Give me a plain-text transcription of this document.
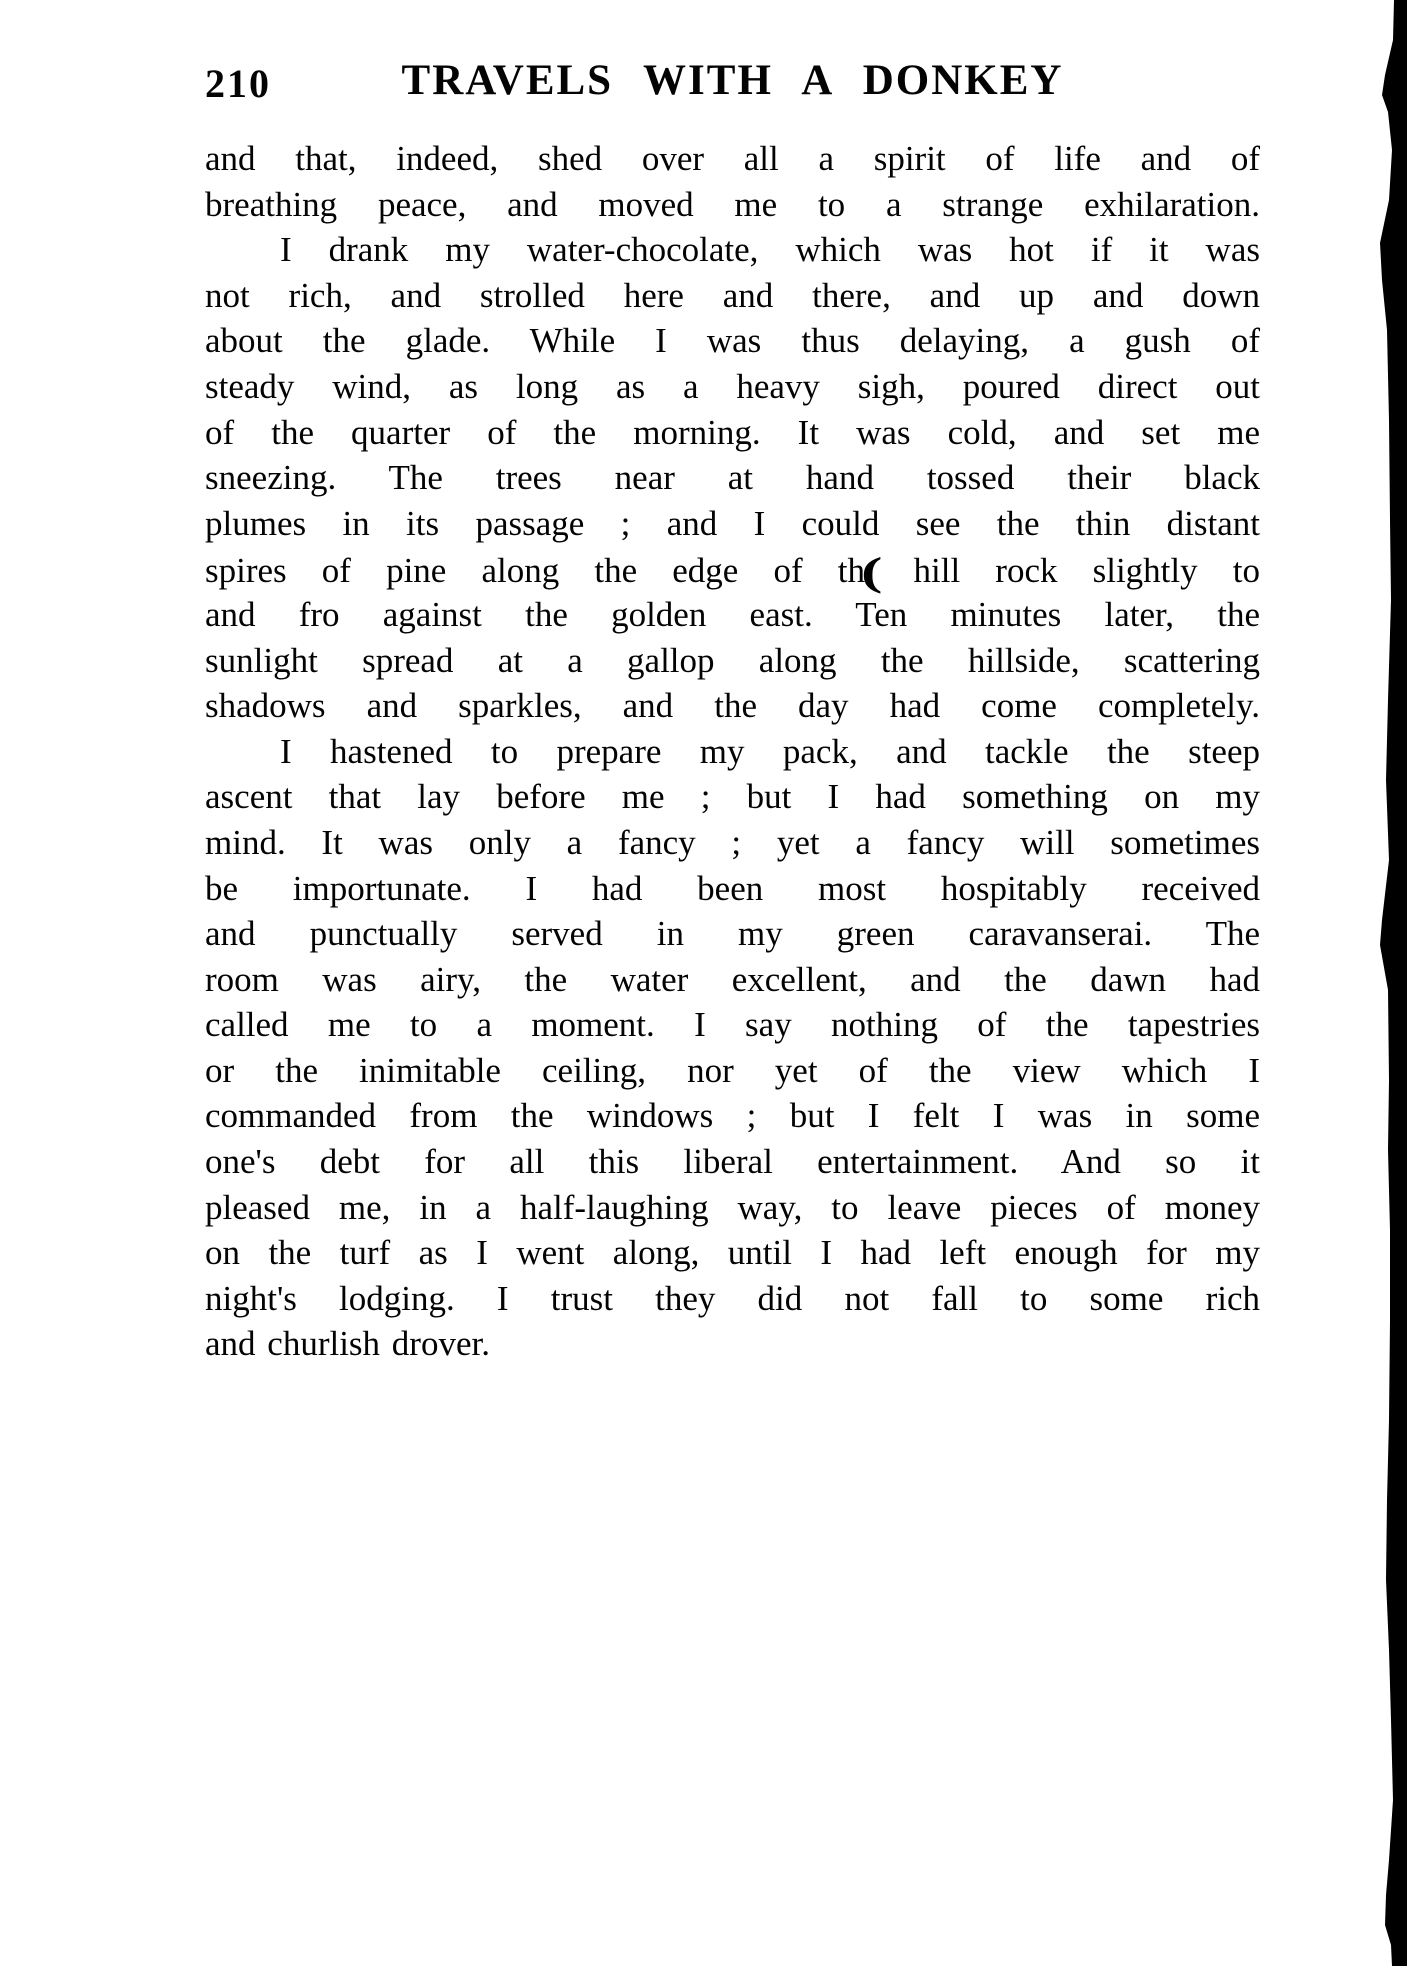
210	TRAVELS WITH A DONKEY
and that, indeed, shed over all a spirit of life and of
breathing peace, and moved me to a strange exhilaration.
I drank my water-chocolate, which was hot if it was
not rich, and strolled here and there, and up and down
about the glade. While I was thus delaying, a gush of
steady wind, as long as a heavy sigh, poured direct out
of the quarter of the morning. It was cold, and set me
sneezing. The trees near at hand tossed their black
plumes in its passage ; and I could see the thin distant
spires of pine along the edge of th( hill rock slightly to
and fro against the golden east. Ten minutes later, the
sunlight spread at a gallop along the hillside, scattering
shadows and sparkles, and the day had come completely.
I hastened to prepare my pack, and tackle the steep
ascent that lay before me ; but I had something on my
mind. It was only a fancy ; yet a fancy will sometimes
be importunate. I had been most hospitably received
and punctually served in my green caravanserai. The
room was airy, the water excellent, and the dawn had
called me to a moment. I say nothing of the tapestries
or the inimitable ceiling, nor yet of the view which I
commanded from the windows ; but I felt I was in some
one's debt for all this liberal entertainment. And so it
pleased me, in a half-laughing way, to leave pieces of money
on the turf as I went along, until I had left enough for my
night's lodging. I trust they did not fall to some rich
and churlish drover.
